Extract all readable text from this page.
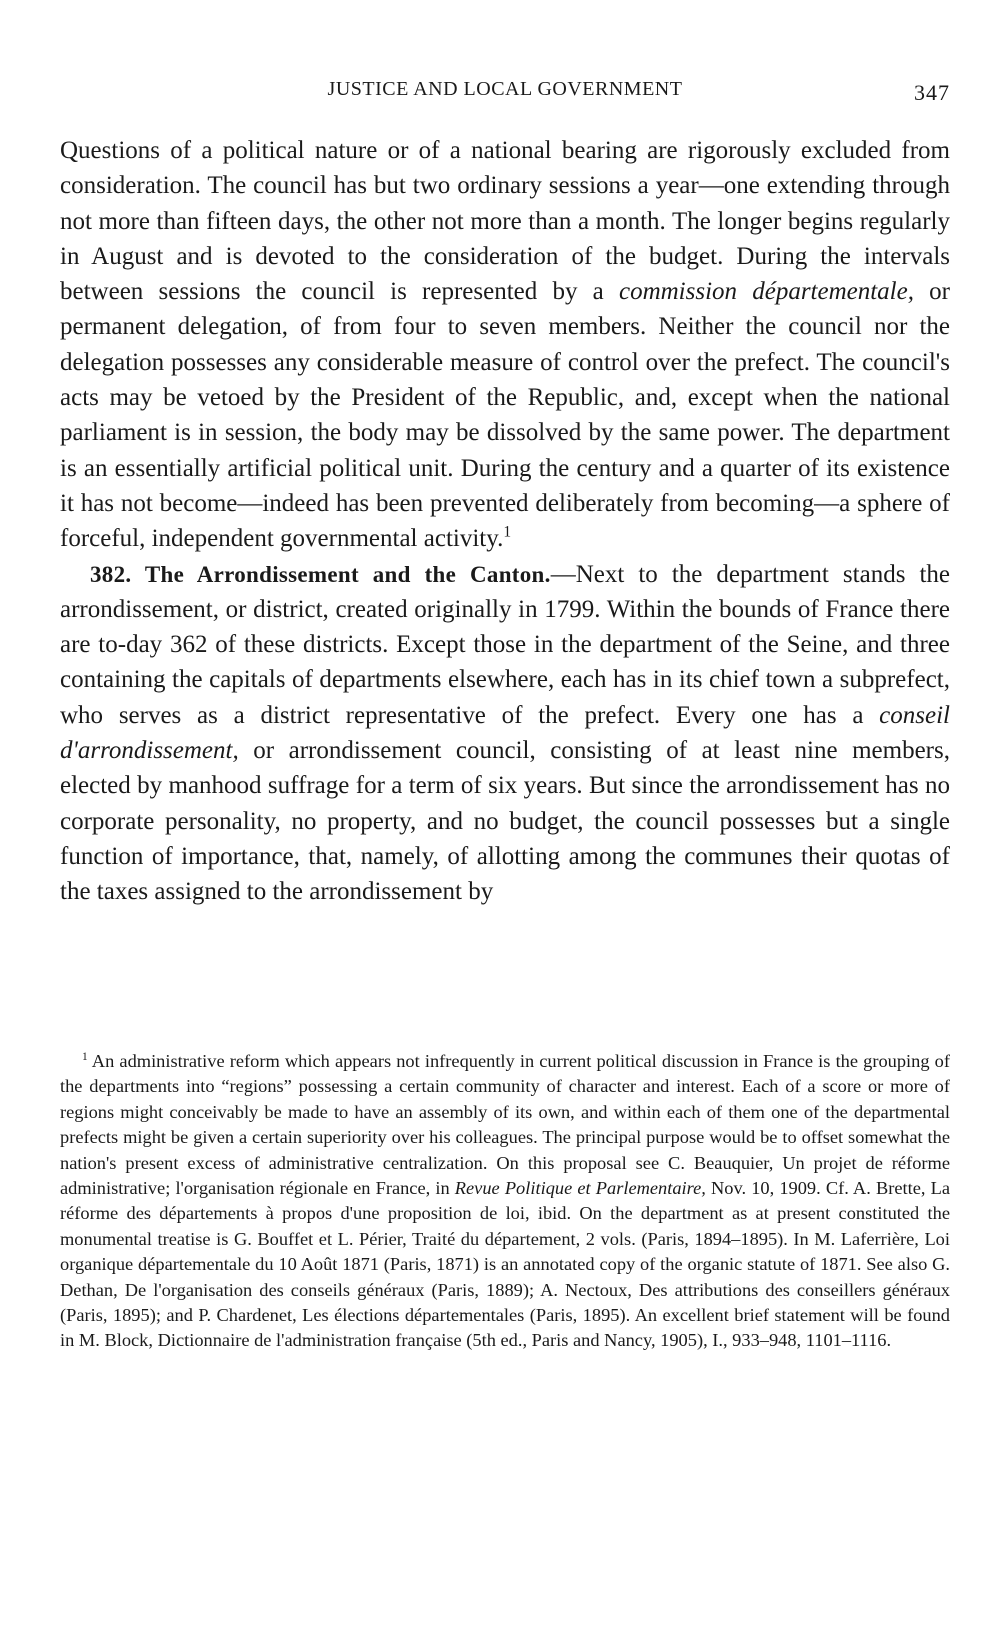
JUSTICE AND LOCAL GOVERNMENT	347

Questions of a political nature or of a national bearing are rigorously excluded from consideration. The council has but two ordinary sessions a year—one extending through not more than fifteen days, the other not more than a month. The longer begins regularly in August and is devoted to the consideration of the budget. During the intervals between sessions the council is represented by a commission départementale, or permanent delegation, of from four to seven members. Neither the council nor the delegation possesses any considerable measure of control over the prefect. The council's acts may be vetoed by the President of the Republic, and, except when the national parliament is in session, the body may be dissolved by the same power. The department is an essentially artificial political unit. During the century and a quarter of its existence it has not become—indeed has been prevented deliberately from becoming—a sphere of forceful, independent governmental activity.$^1$

382. The Arrondissement and the Canton.—Next to the department stands the arrondissement, or district, created originally in 1799. Within the bounds of France there are to-day 362 of these districts. Except those in the department of the Seine, and three containing the capitals of departments elsewhere, each has in its chief town a subprefect, who serves as a district representative of the prefect. Every one has a conseil d'arrondissement, or arrondissement council, consisting of at least nine members, elected by manhood suffrage for a term of six years. But since the arrondissement has no corporate personality, no property, and no budget, the council possesses but a single function of importance, that, namely, of allotting among the communes their quotas of the taxes assigned to the arrondissement by

$^1$ An administrative reform which appears not infrequently in current political discussion in France is the grouping of the departments into “regions” possessing a certain community of character and interest. Each of a score or more of regions might conceivably be made to have an assembly of its own, and within each of them one of the departmental prefects might be given a certain superiority over his colleagues. The principal purpose would be to offset somewhat the nation's present excess of administrative centralization. On this proposal see C. Beauquier, Un projet de réforme administrative; l'organisation régionale en France, in Revue Politique et Parlementaire, Nov. 10, 1909. Cf. A. Brette, La réforme des départements à propos d'une proposition de loi, ibid. On the department as at present constituted the monumental treatise is G. Bouffet et L. Périer, Traité du département, 2 vols. (Paris, 1894–1895). In M. Laferrière, Loi organique départementale du 10 Août 1871 (Paris, 1871) is an annotated copy of the organic statute of 1871. See also G. Dethan, De l'organisation des conseils généraux (Paris, 1889); A. Nectoux, Des attributions des conseillers généraux (Paris, 1895); and P. Chardenet, Les élections départementales (Paris, 1895). An excellent brief statement will be found in M. Block, Dictionnaire de l'administration française (5th ed., Paris and Nancy, 1905), I., 933–948, 1101–1116.
